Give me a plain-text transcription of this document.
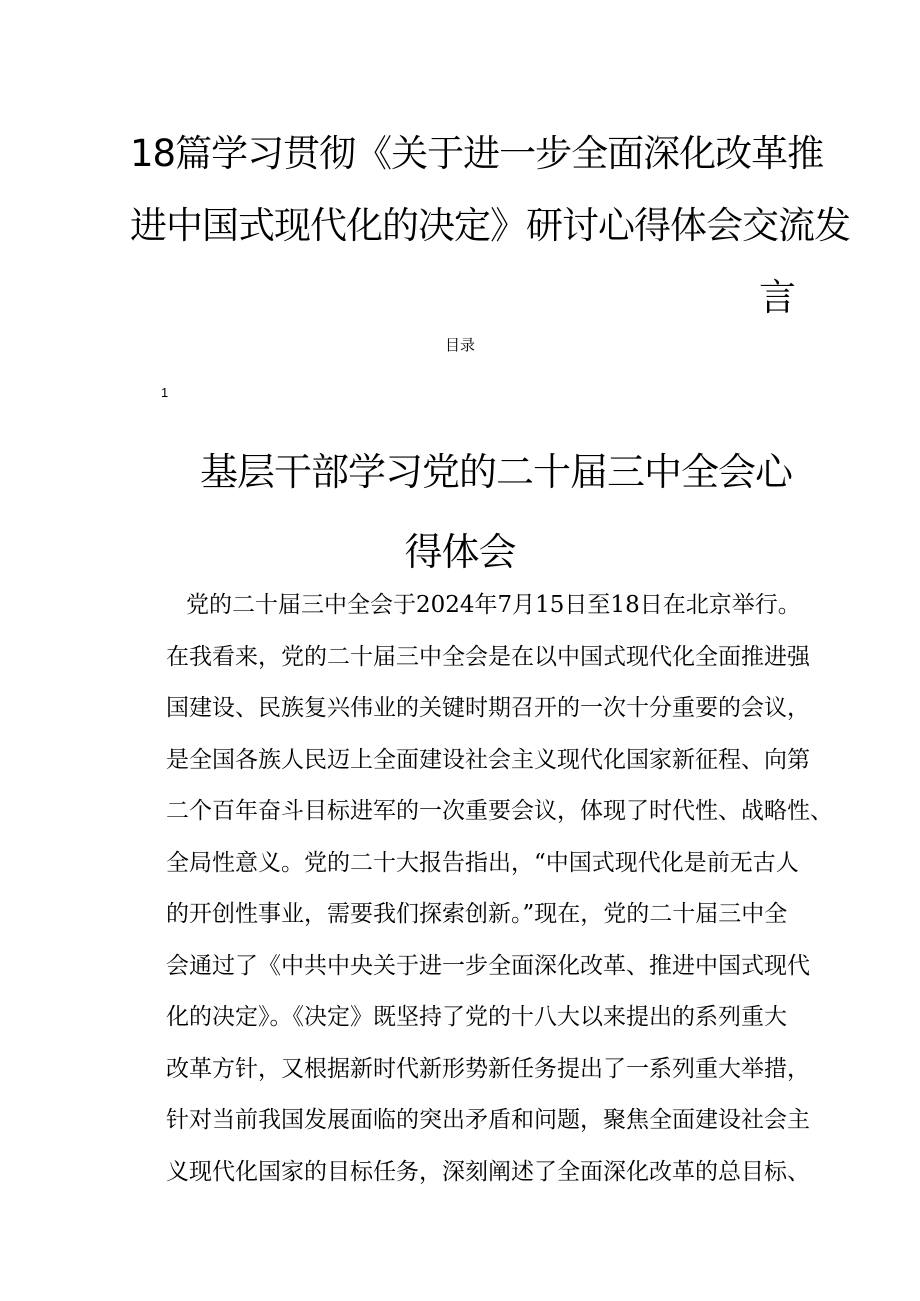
18篇学习贯彻《关于进一步全面深化改革推
进中国式现代化的决定》研讨心得体会交流发
言
目录
1
基层干部学习党的二十届三中全会心
得体会
党的二十届三中全会于2024年7月15日至18日在北京举行。
在我看来，党的二十届三中全会是在以中国式现代化全面推进强
国建设、民族复兴伟业的关键时期召开的一次十分重要的会议，
是全国各族人民迈上全面建设社会主义现代化国家新征程、向第
二个百年奋斗目标进军的一次重要会议，体现了时代性、战略性、
全局性意义。党的二十大报告指出，“中国式现代化是前无古人
的开创性事业，需要我们探索创新。”现在，党的二十届三中全
会通过了《中共中央关于进一步全面深化改革、推进中国式现代
化的决定》。《决定》既坚持了党的十八大以来提出的系列重大
改革方针，又根据新时代新形势新任务提出了一系列重大举措，
针对当前我国发展面临的突出矛盾和问题，聚焦全面建设社会主
义现代化国家的目标任务，深刻阐述了全面深化改革的总目标、
